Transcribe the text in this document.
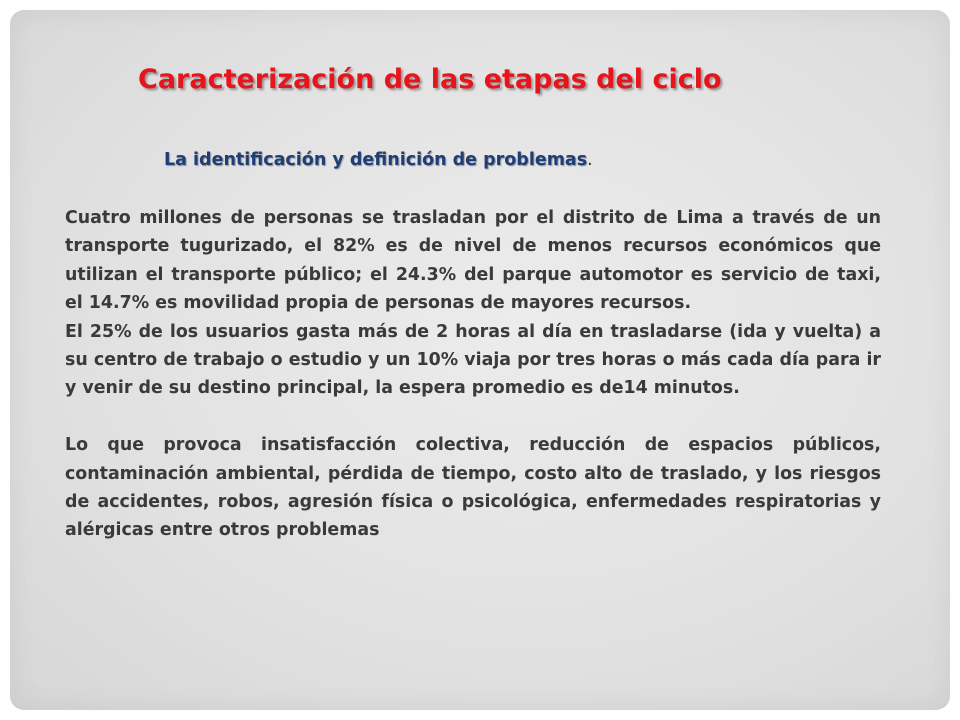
Caracterización de las etapas del ciclo
La identificación y definición de problemas.

Cuatro millones de personas se trasladan por el distrito de Lima a través de un transporte tugurizado, el 82% es de nivel de menos recursos económicos que utilizan el transporte público; el 24.3% del parque automotor es servicio de taxi, el 14.7% es movilidad propia de personas de mayores recursos.

El 25% de los usuarios gasta más de 2 horas al día en trasladarse (ida y vuelta) a su centro de trabajo o estudio y un 10% viaja por tres horas o más cada día para ir y venir de su destino principal, la espera promedio es de14 minutos.

Lo que provoca insatisfacción colectiva, reducción de espacios públicos, contaminación ambiental, pérdida de tiempo, costo alto de traslado, y los riesgos de accidentes, robos, agresión física o psicológica, enfermedades respiratorias y alérgicas entre otros problemas
